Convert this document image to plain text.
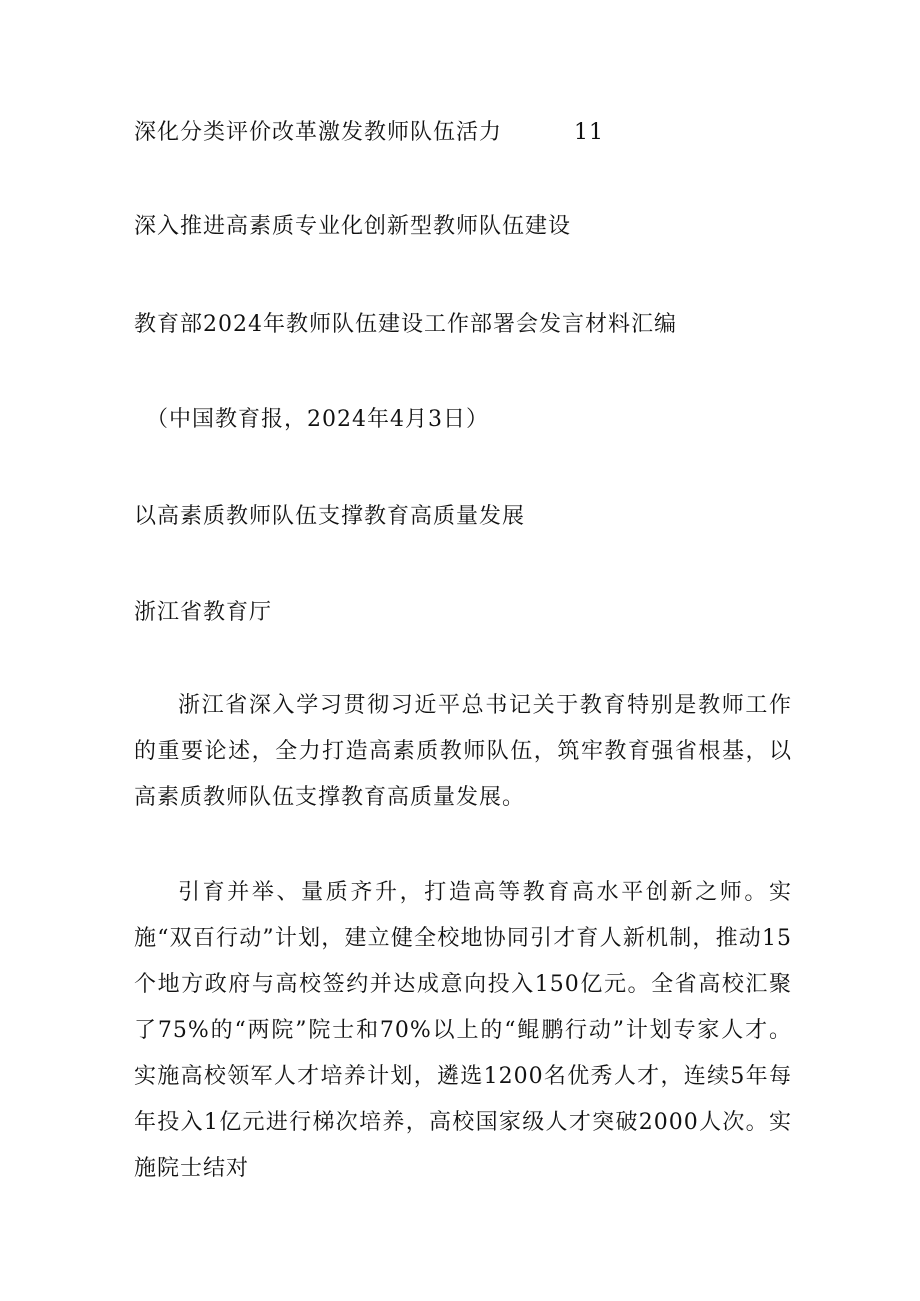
深化分类评价改革激发教师队伍活力	11
深入推进高素质专业化创新型教师队伍建设
教育部2024年教师队伍建设工作部署会发言材料汇编
（中国教育报，2024年4月3日）
以高素质教师队伍支撑教育高质量发展
浙江省教育厅

浙江省深入学习贯彻习近平总书记关于教育特别是教师工作的重要论述，全力打造高素质教师队伍，筑牢教育强省根基，以高素质教师队伍支撑教育高质量发展。

引育并举、量质齐升，打造高等教育高水平创新之师。实施“双百行动”计划，建立健全校地协同引才育人新机制，推动15个地方政府与高校签约并达成意向投入150亿元。全省高校汇聚了75%的“两院”院士和70%以上的“鲲鹏行动”计划专家人才。实施高校领军人才培养计划，遴选1200名优秀人才，连续5年每年投入1亿元进行梯次培养，高校国家级人才突破2000人次。实施院士结对
